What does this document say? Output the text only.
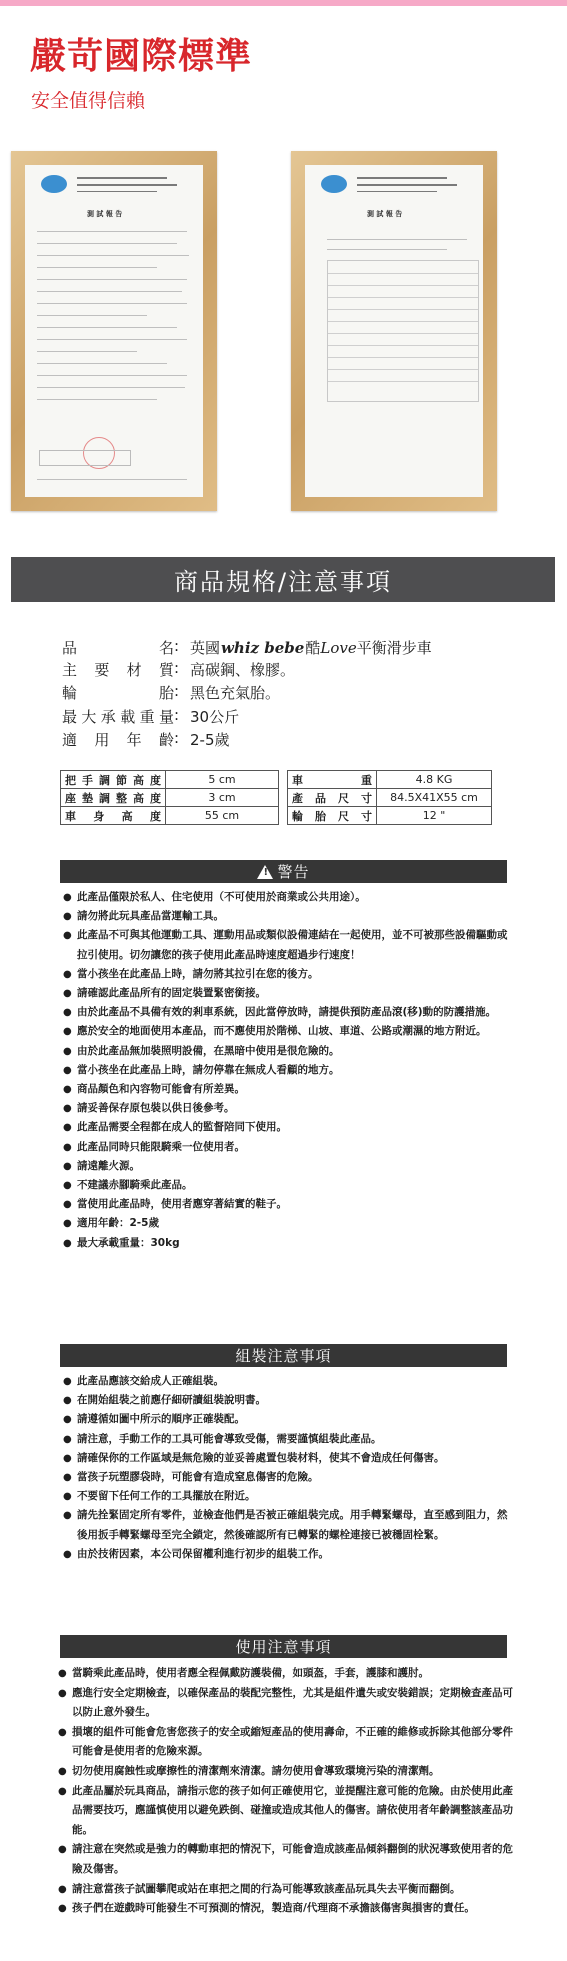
嚴苛國際標準
安全值得信賴
測 試 報 告	測 試 報 告
商品規格/注意事項
品名 : 英國whiz bebe酷Love平衡滑步車
主要材質 : 高碳鋼、橡膠。
輪胎 : 黑色充氣胎。
最大承載重量 : 30公斤
適用年齡 : 2-5歲
把手調節高度	5 cm
座墊調整高度	3 cm
車身高度	55 cm
車重	4.8 KG
產品尺寸	84.5X41X55 cm
輪胎尺寸	12 "
!
警告
● 此產品僅限於私人、住宅使用（不可使用於商業或公共用途）。
● 請勿將此玩具產品當運輸工具。
● 此產品不可與其他運動工具、運動用品或類似設備連結在一起使用，並不可被那些設備驅動或拉引使用。切勿讓您的孩子使用此產品時速度超過步行速度！
● 當小孩坐在此產品上時，請勿將其拉引在您的後方。
● 請確認此產品所有的固定裝置緊密銜接。
● 由於此產品不具備有效的剎車系統，因此當停放時，請提供預防產品滾(移)動的防護措施。
● 應於安全的地面使用本產品，而不應使用於階梯、山坡、車道、公路或潮濕的地方附近。
● 由於此產品無加裝照明設備，在黑暗中使用是很危險的。
● 當小孩坐在此產品上時，請勿停靠在無成人看顧的地方。
● 商品顏色和內容物可能會有所差異。
● 請妥善保存原包裝以供日後參考。
● 此產品需要全程都在成人的監督陪同下使用。
● 此產品同時只能限騎乘一位使用者。
● 請遠離火源。
● 不建議赤腳騎乘此產品。
● 當使用此產品時，使用者應穿著結實的鞋子。
● 適用年齡：2-5歲
● 最大承載重量：30kg
組裝注意事項
● 此產品應該交給成人正確組裝。
● 在開始組裝之前應仔細研讀組裝說明書。
● 請遵循如圖中所示的順序正確裝配。
● 請注意，手動工作的工具可能會導致受傷，需要謹慎組裝此產品。
● 請確保你的工作區域是無危險的並妥善處置包裝材料，使其不會造成任何傷害。
● 當孩子玩塑膠袋時，可能會有造成窒息傷害的危險。
● 不要留下任何工作的工具擺放在附近。
● 請先拴緊固定所有零件，並檢查他們是否被正確組裝完成。用手轉緊螺母，直至感到阻力，然後用扳手轉緊螺母至完全鎖定，然後確認所有已轉緊的螺栓連接已被穩固栓緊。
● 由於技術因素，本公司保留權利進行初步的組裝工作。
使用注意事項
● 當騎乘此產品時，使用者應全程佩戴防護裝備，如頭盔，手套，護膝和護肘。
● 應進行安全定期檢查，以確保產品的裝配完整性，尤其是組件遺失或安裝錯誤；定期檢查產品可以防止意外發生。
● 損壞的組件可能會危害您孩子的安全或縮短產品的使用壽命，不正確的維修或拆除其他部分零件可能會是使用者的危險來源。
● 切勿使用腐蝕性或摩擦性的清潔劑來清潔。請勿使用會導致環境污染的清潔劑。
● 此產品屬於玩具商品，請指示您的孩子如何正確使用它，並提醒注意可能的危險。由於使用此產品需要技巧，應謹慎使用以避免跌倒、碰撞或造成其他人的傷害。請依使用者年齡調整該產品功能。
● 請注意在突然或是強力的轉動車把的情況下，可能會造成該產品傾斜翻倒的狀況導致使用者的危險及傷害。
● 請注意當孩子試圖攀爬或站在車把之間的行為可能導致該產品玩具失去平衡而翻倒。
● 孩子們在遊戲時可能發生不可預測的情況，製造商/代理商不承擔該傷害與損害的責任。
